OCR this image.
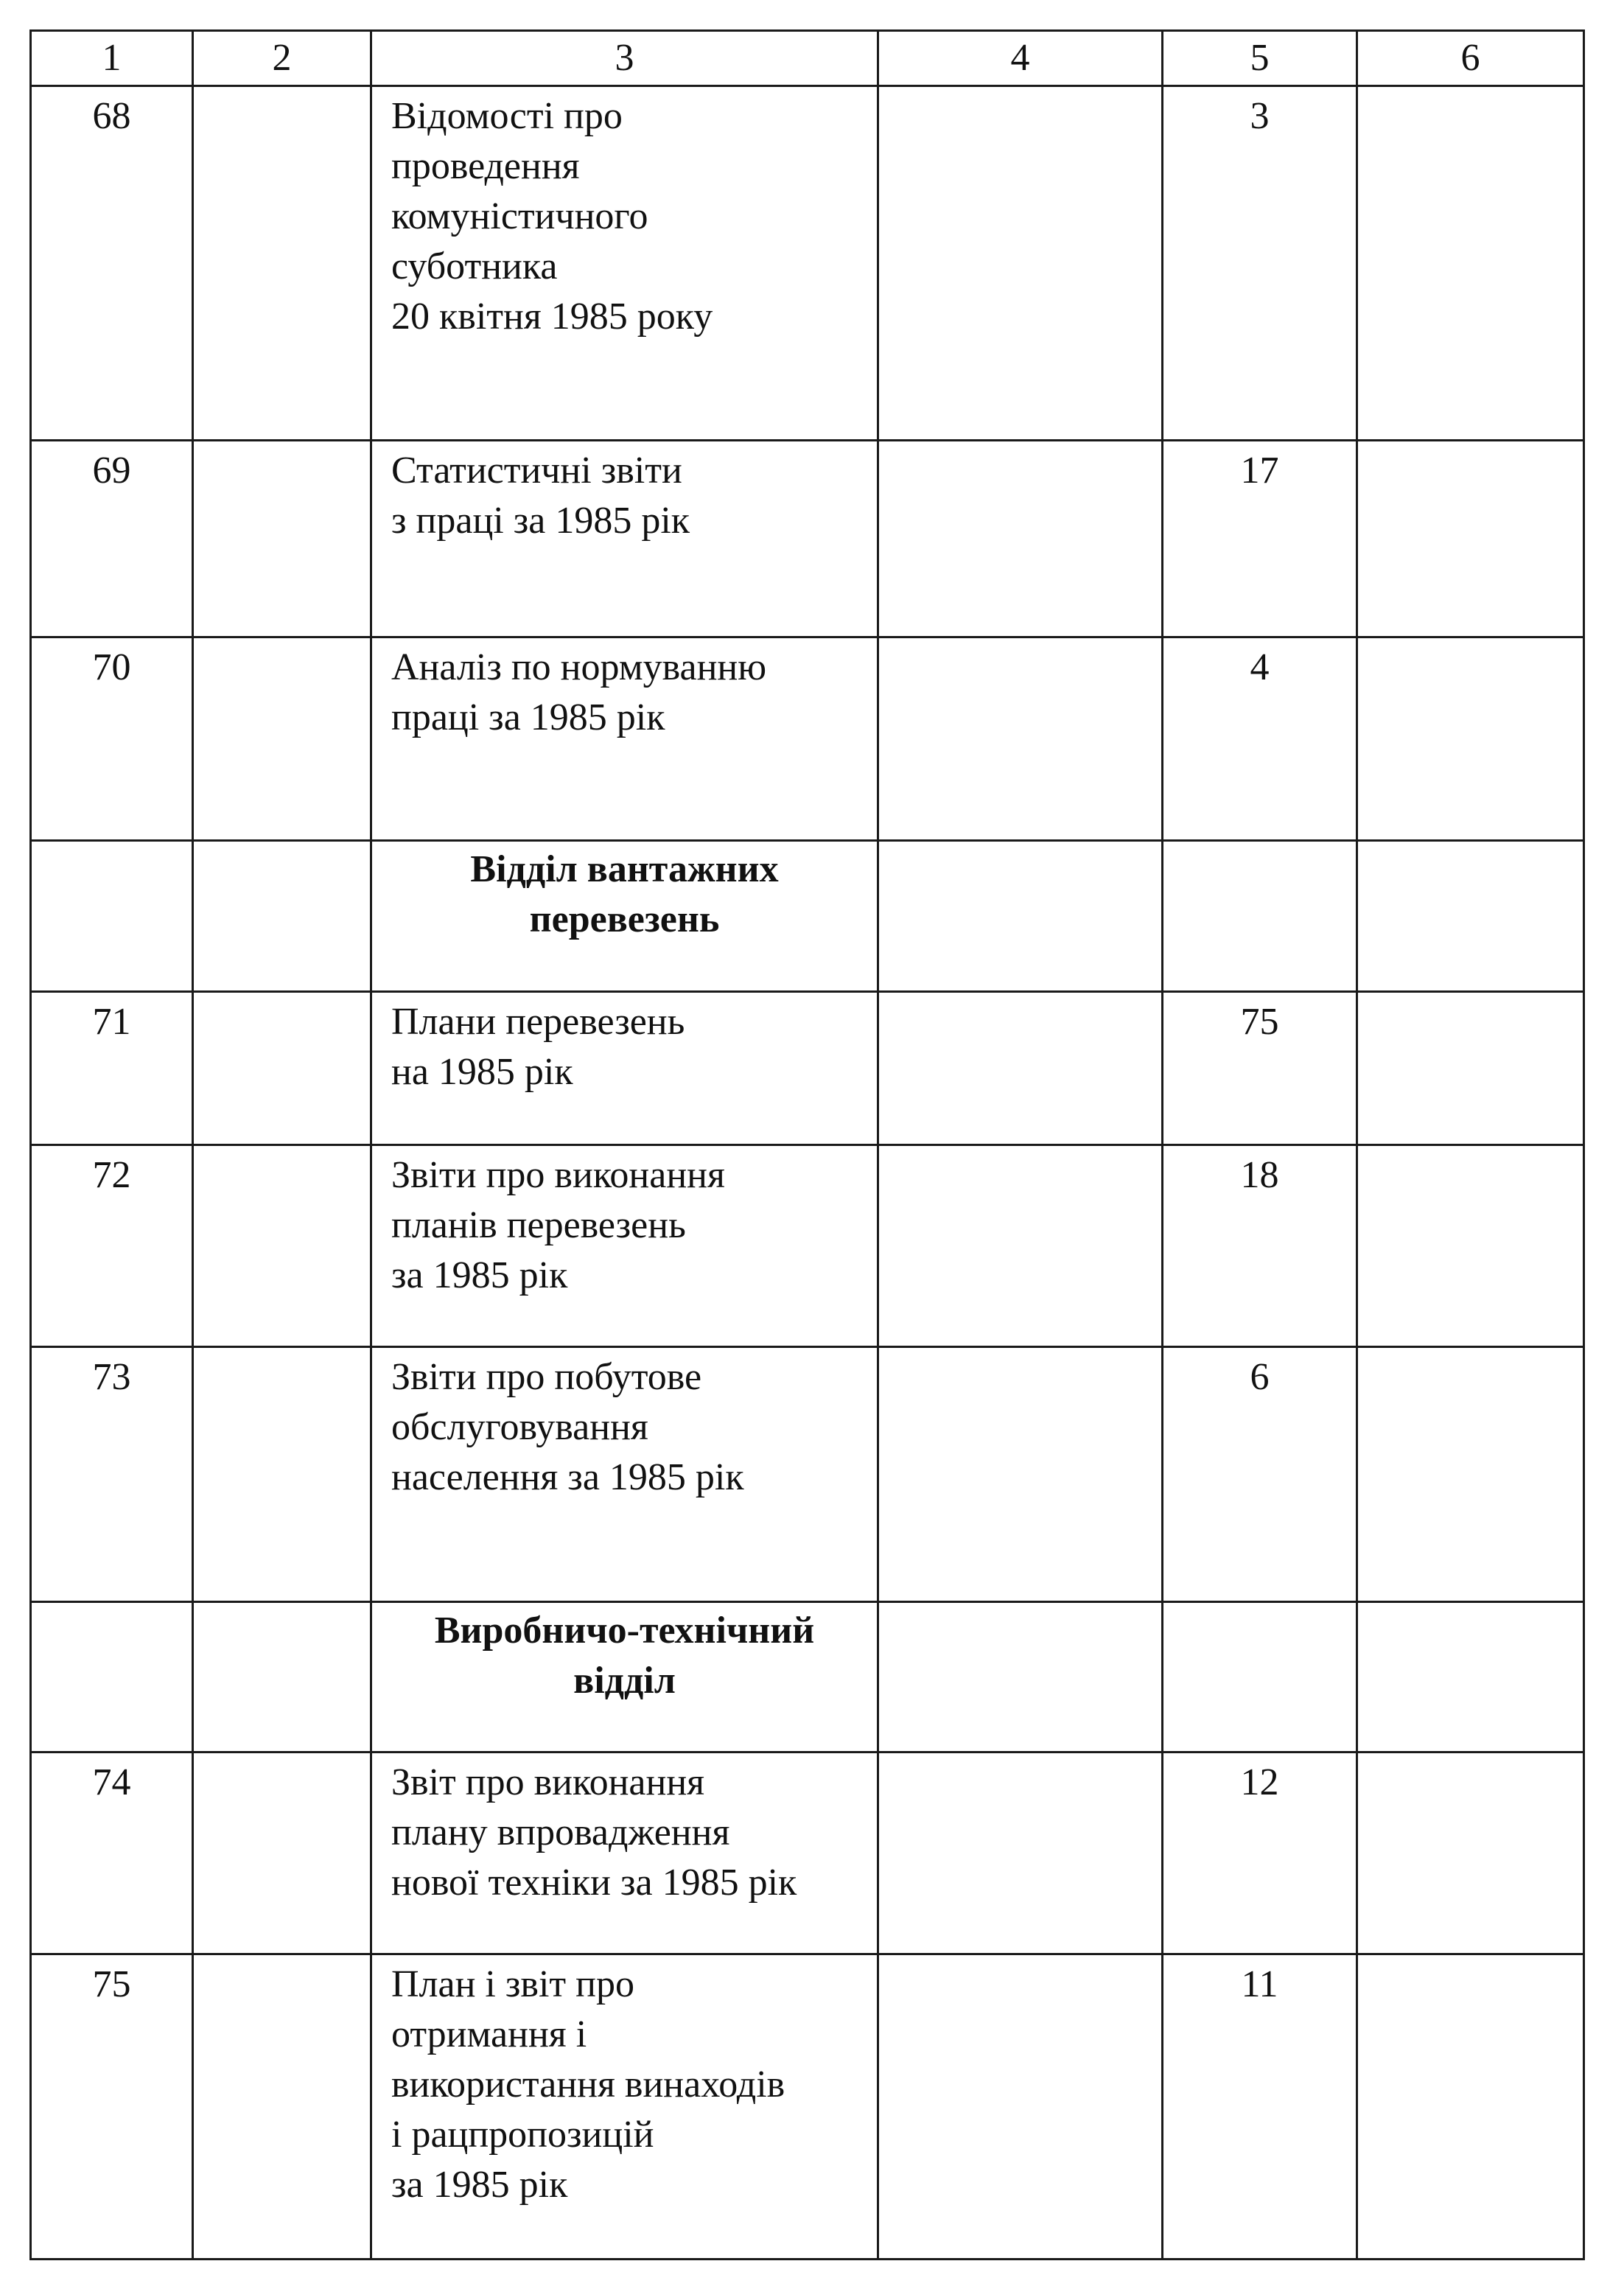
1	2	3	4	5	6
68		Відомості про
проведення
комуністичного
суботника
20 квітня 1985 року		3	
69		Статистичні звіти
з праці за 1985 рік		17	
70		Аналіз по нормуванню
праці за 1985 рік		4	
		Відділ вантажних
перевезень			
71		Плани перевезень
на 1985 рік		75	
72		Звіти про виконання
планів перевезень
за 1985 рік		18	
73		Звіти про побутове
обслуговування
населення за 1985 рік		6	
		Виробничо-технічний
відділ			
74		Звіт про виконання
плану впровадження
нової техніки за 1985 рік		12	
75		План і звіт про
отримання і
використання винаходів
і рацпропозицій
за 1985 рік		11	
